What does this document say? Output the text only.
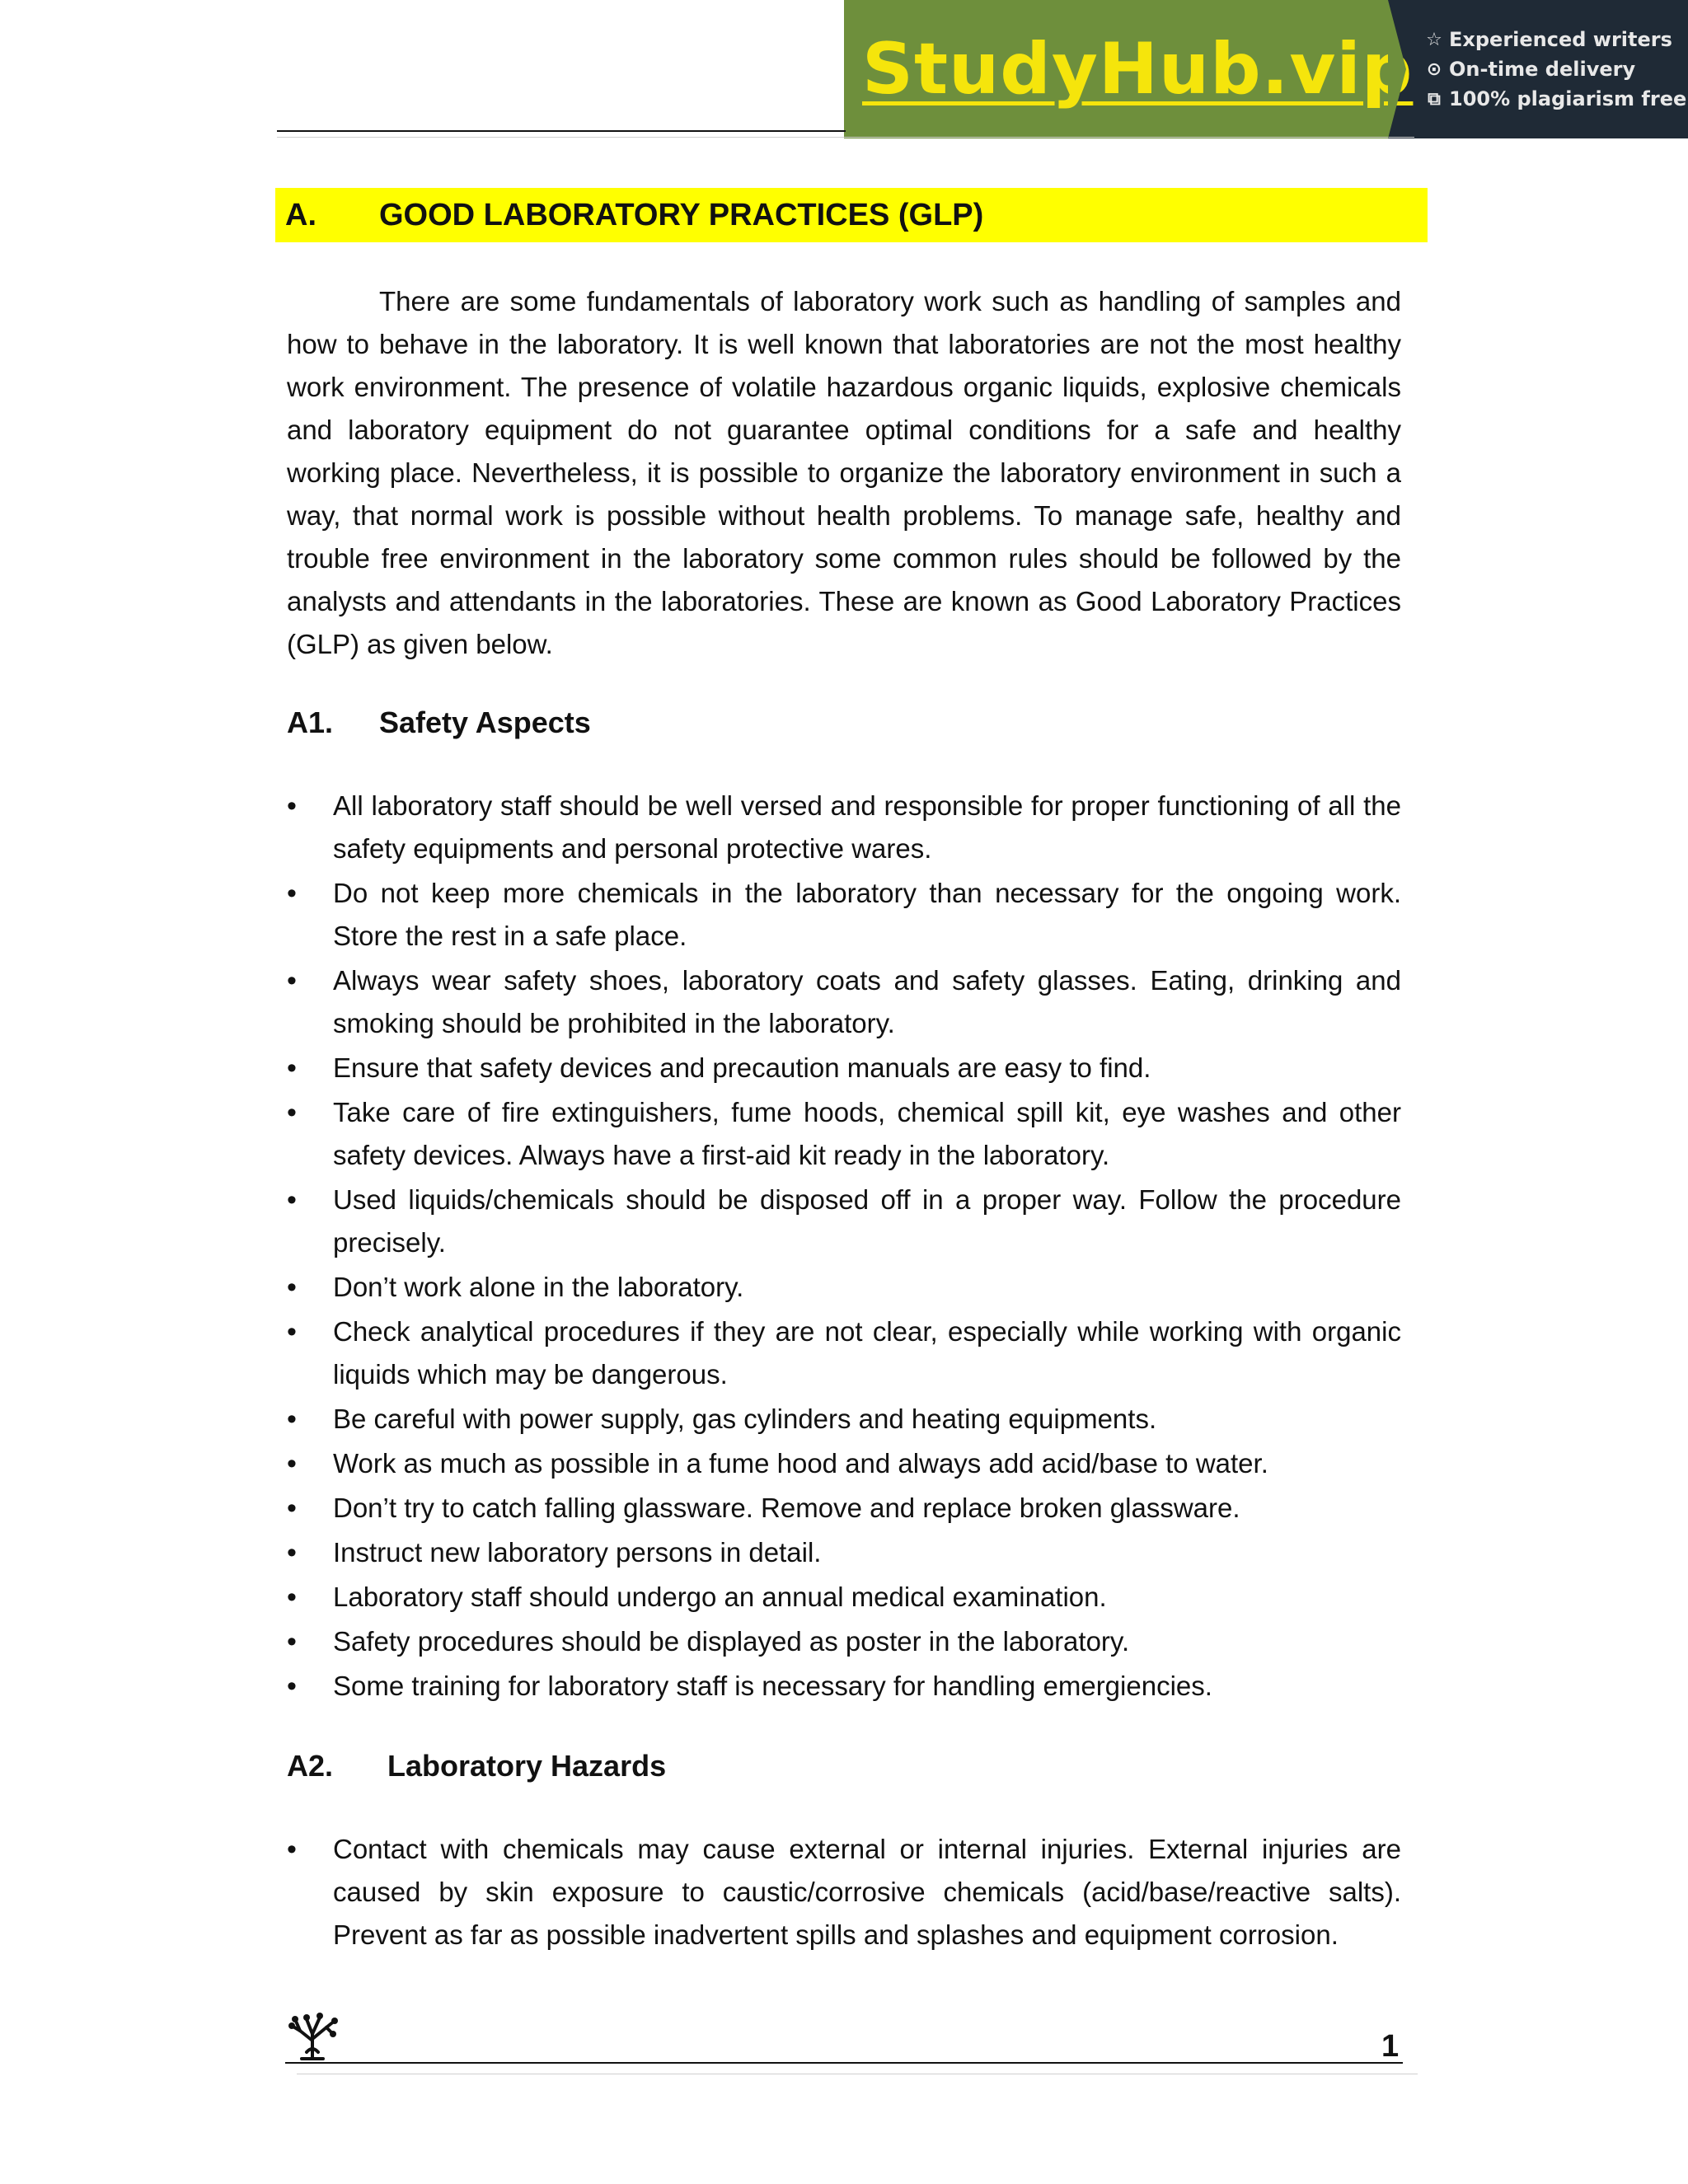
StudyHub.vip ☆ Experienced writers
⊙ On-time delivery
⧉ 100% plagiarism free
A.	GOOD LABORATORY PRACTICES (GLP)

There are some fundamentals of laboratory work such as handling of samples and how to behave in the laboratory. It is well known that laboratories are not the most healthy work environment. The presence of volatile hazardous organic liquids, explosive chemicals and laboratory equipment do not guarantee optimal conditions for a safe and healthy working place. Nevertheless, it is possible to organize the laboratory environment in such a way, that normal work is possible without health problems. To manage safe, healthy and trouble free environment in the laboratory some common rules should be followed by the analysts and attendants in the laboratories. These are known as Good Laboratory Practices (GLP) as given below.

A1.	Safety Aspects
• All laboratory staff should be well versed and responsible for proper functioning of all the safety equipments and personal protective wares.
• Do not keep more chemicals in the laboratory than necessary for the ongoing work. Store the rest in a safe place.
• Always wear safety shoes, laboratory coats and safety glasses. Eating, drinking and smoking should be prohibited in the laboratory.
• Ensure that safety devices and precaution manuals are easy to find.
• Take care of fire extinguishers, fume hoods, chemical spill kit, eye washes and other safety devices. Always have a first-aid kit ready in the laboratory.
• Used liquids/chemicals should be disposed off in a proper way. Follow the procedure precisely.
• Don’t work alone in the laboratory.
• Check analytical procedures if they are not clear, especially while working with organic liquids which may be dangerous.
• Be careful with power supply, gas cylinders and heating equipments.
• Work as much as possible in a fume hood and always add acid/base to water.
• Don’t try to catch falling glassware. Remove and replace broken glassware.
• Instruct new laboratory persons in detail.
• Laboratory staff should undergo an annual medical examination.
• Safety procedures should be displayed as poster in the laboratory.
• Some training for laboratory staff is necessary for handling emergiencies.
A2.	Laboratory Hazards
• Contact with chemicals may cause external or internal injuries. External injuries are caused by skin exposure to caustic/corrosive chemicals (acid/base/reactive salts). Prevent as far as possible inadvertent spills and splashes and equipment corrosion.
1
